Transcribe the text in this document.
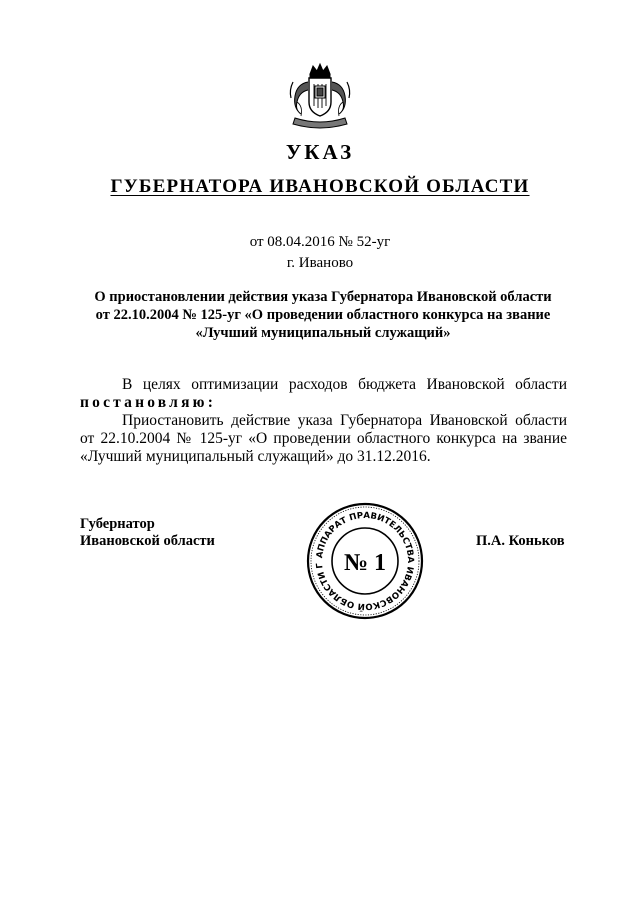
УКАЗ
ГУБЕРНАТОРА ИВАНОВСКОЙ ОБЛАСТИ
от 08.04.2016 № 52-уг
г. Иваново
О приостановлении действия указа Губернатора Ивановской области
от 22.10.2004 № 125-уг «О проведении областного конкурса на звание
«Лучший муниципальный служащий»
В целях оптимизации расходов бюджета Ивановской области
постановляю:
Приостановить действие указа Губернатора Ивановской области от 22.10.2004 № 125-уг «О проведении областного конкурса на звание «Лучший муниципальный служащий» до 31.12.2016.
Губернатор
Ивановской области	П.А. Коньков
АППАРАТ ПРАВИТЕЛЬСТВА ИВАНОВСКОЙ ОБЛАСТИ Г № 1
